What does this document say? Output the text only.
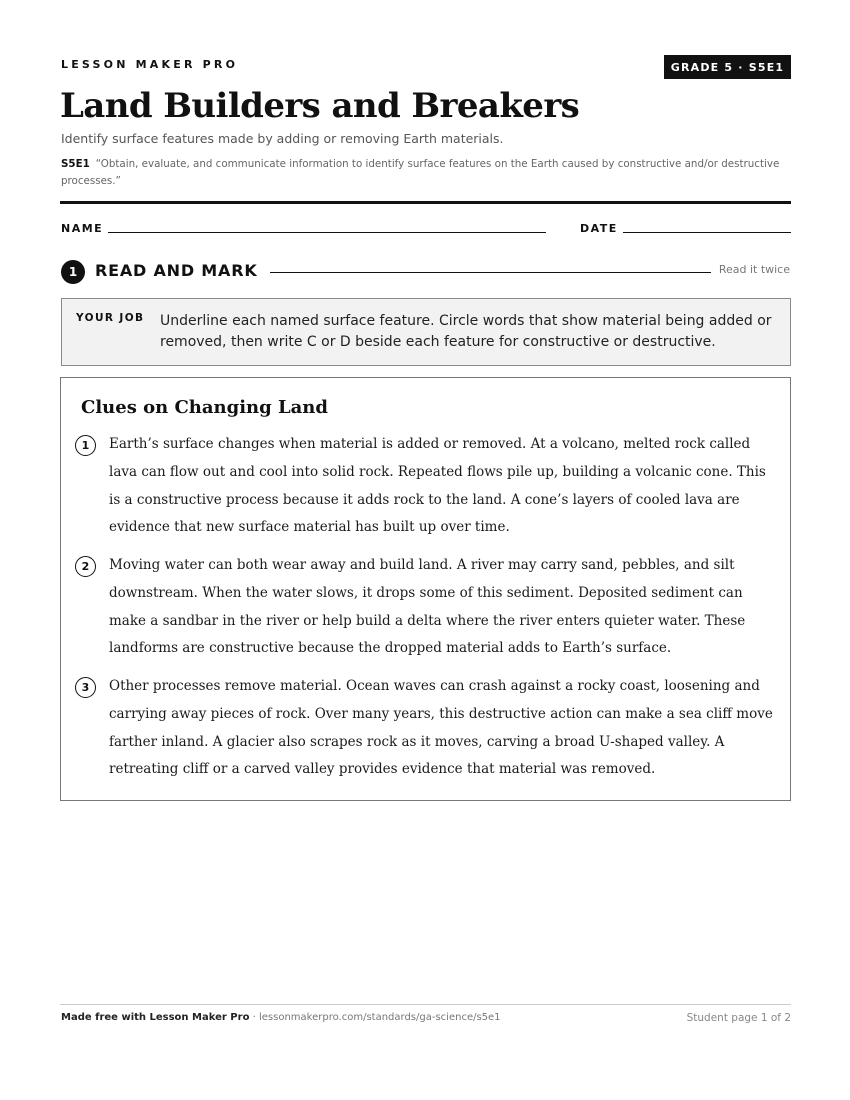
LESSON MAKER PRO	GRADE 5 · S5E1
Land Builders and Breakers
Identify surface features made by adding or removing Earth materials.
S5E1 “Obtain, evaluate, and communicate information to identify surface features on the Earth caused by constructive and/or destructive processes.”
NAME	DATE
1	READ AND MARK	Read it twice
YOUR JOB Underline each named surface feature. Circle words that show material being added or removed, then write C or D beside each feature for constructive or destructive.
Clues on Changing Land
1	Earth’s surface changes when material is added or removed. At a volcano, melted rock called lava can flow out and cool into solid rock. Repeated flows pile up, building a volcanic cone. This is a constructive process because it adds rock to the land. A cone’s layers of cooled lava are evidence that new surface material has built up over time.
2	Moving water can both wear away and build land. A river may carry sand, pebbles, and silt downstream. When the water slows, it drops some of this sediment. Deposited sediment can make a sandbar in the river or help build a delta where the river enters quieter water. These landforms are constructive because the dropped material adds to Earth’s surface.
3	Other processes remove material. Ocean waves can crash against a rocky coast, loosening and carrying away pieces of rock. Over many years, this destructive action can make a sea cliff move farther inland. A glacier also scrapes rock as it moves, carving a broad U-shaped valley. A retreating cliff or a carved valley provides evidence that material was removed.
Made free with Lesson Maker Pro · lessonmakerpro.com/standards/ga-science/s5e1	Student page 1 of 2
